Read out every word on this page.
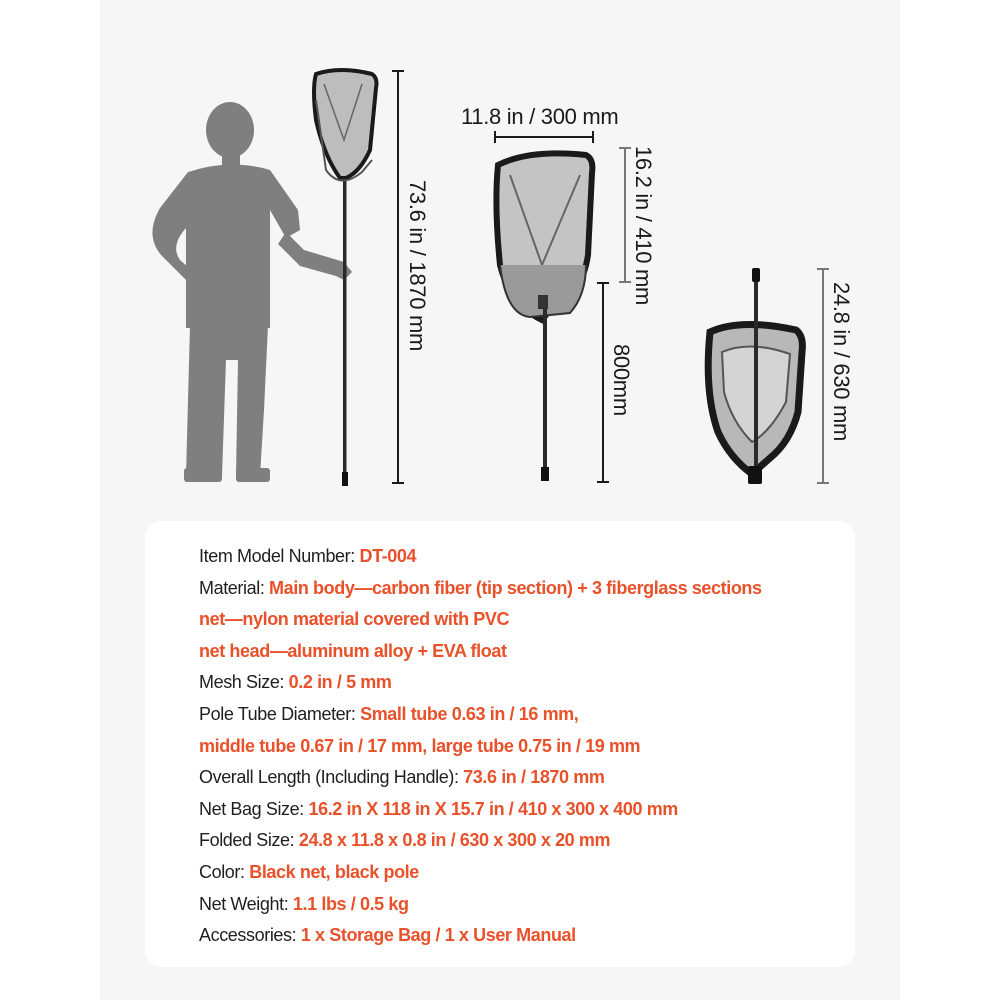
73.6 in / 1870 mm
11.8 in / 300 mm
16.2 in / 410 mm
800mm	24.8 in / 630 mm
Item Model Number: DT-004
Material: Main body—carbon fiber (tip section) + 3 fiberglass sections
net—nylon material covered with PVC
net head—aluminum alloy + EVA float
Mesh Size: 0.2 in / 5 mm
Pole Tube Diameter: Small tube 0.63 in / 16 mm,
middle tube 0.67 in / 17 mm, large tube 0.75 in / 19 mm
Overall Length (Including Handle): 73.6 in / 1870 mm
Net Bag Size: 16.2 in X 118 in X 15.7 in / 410 x 300 x 400 mm
Folded Size: 24.8 x 11.8 x 0.8 in / 630 x 300 x 20 mm
Color: Black net, black pole
Net Weight: 1.1 lbs / 0.5 kg
Accessories: 1 x Storage Bag / 1 x User Manual
